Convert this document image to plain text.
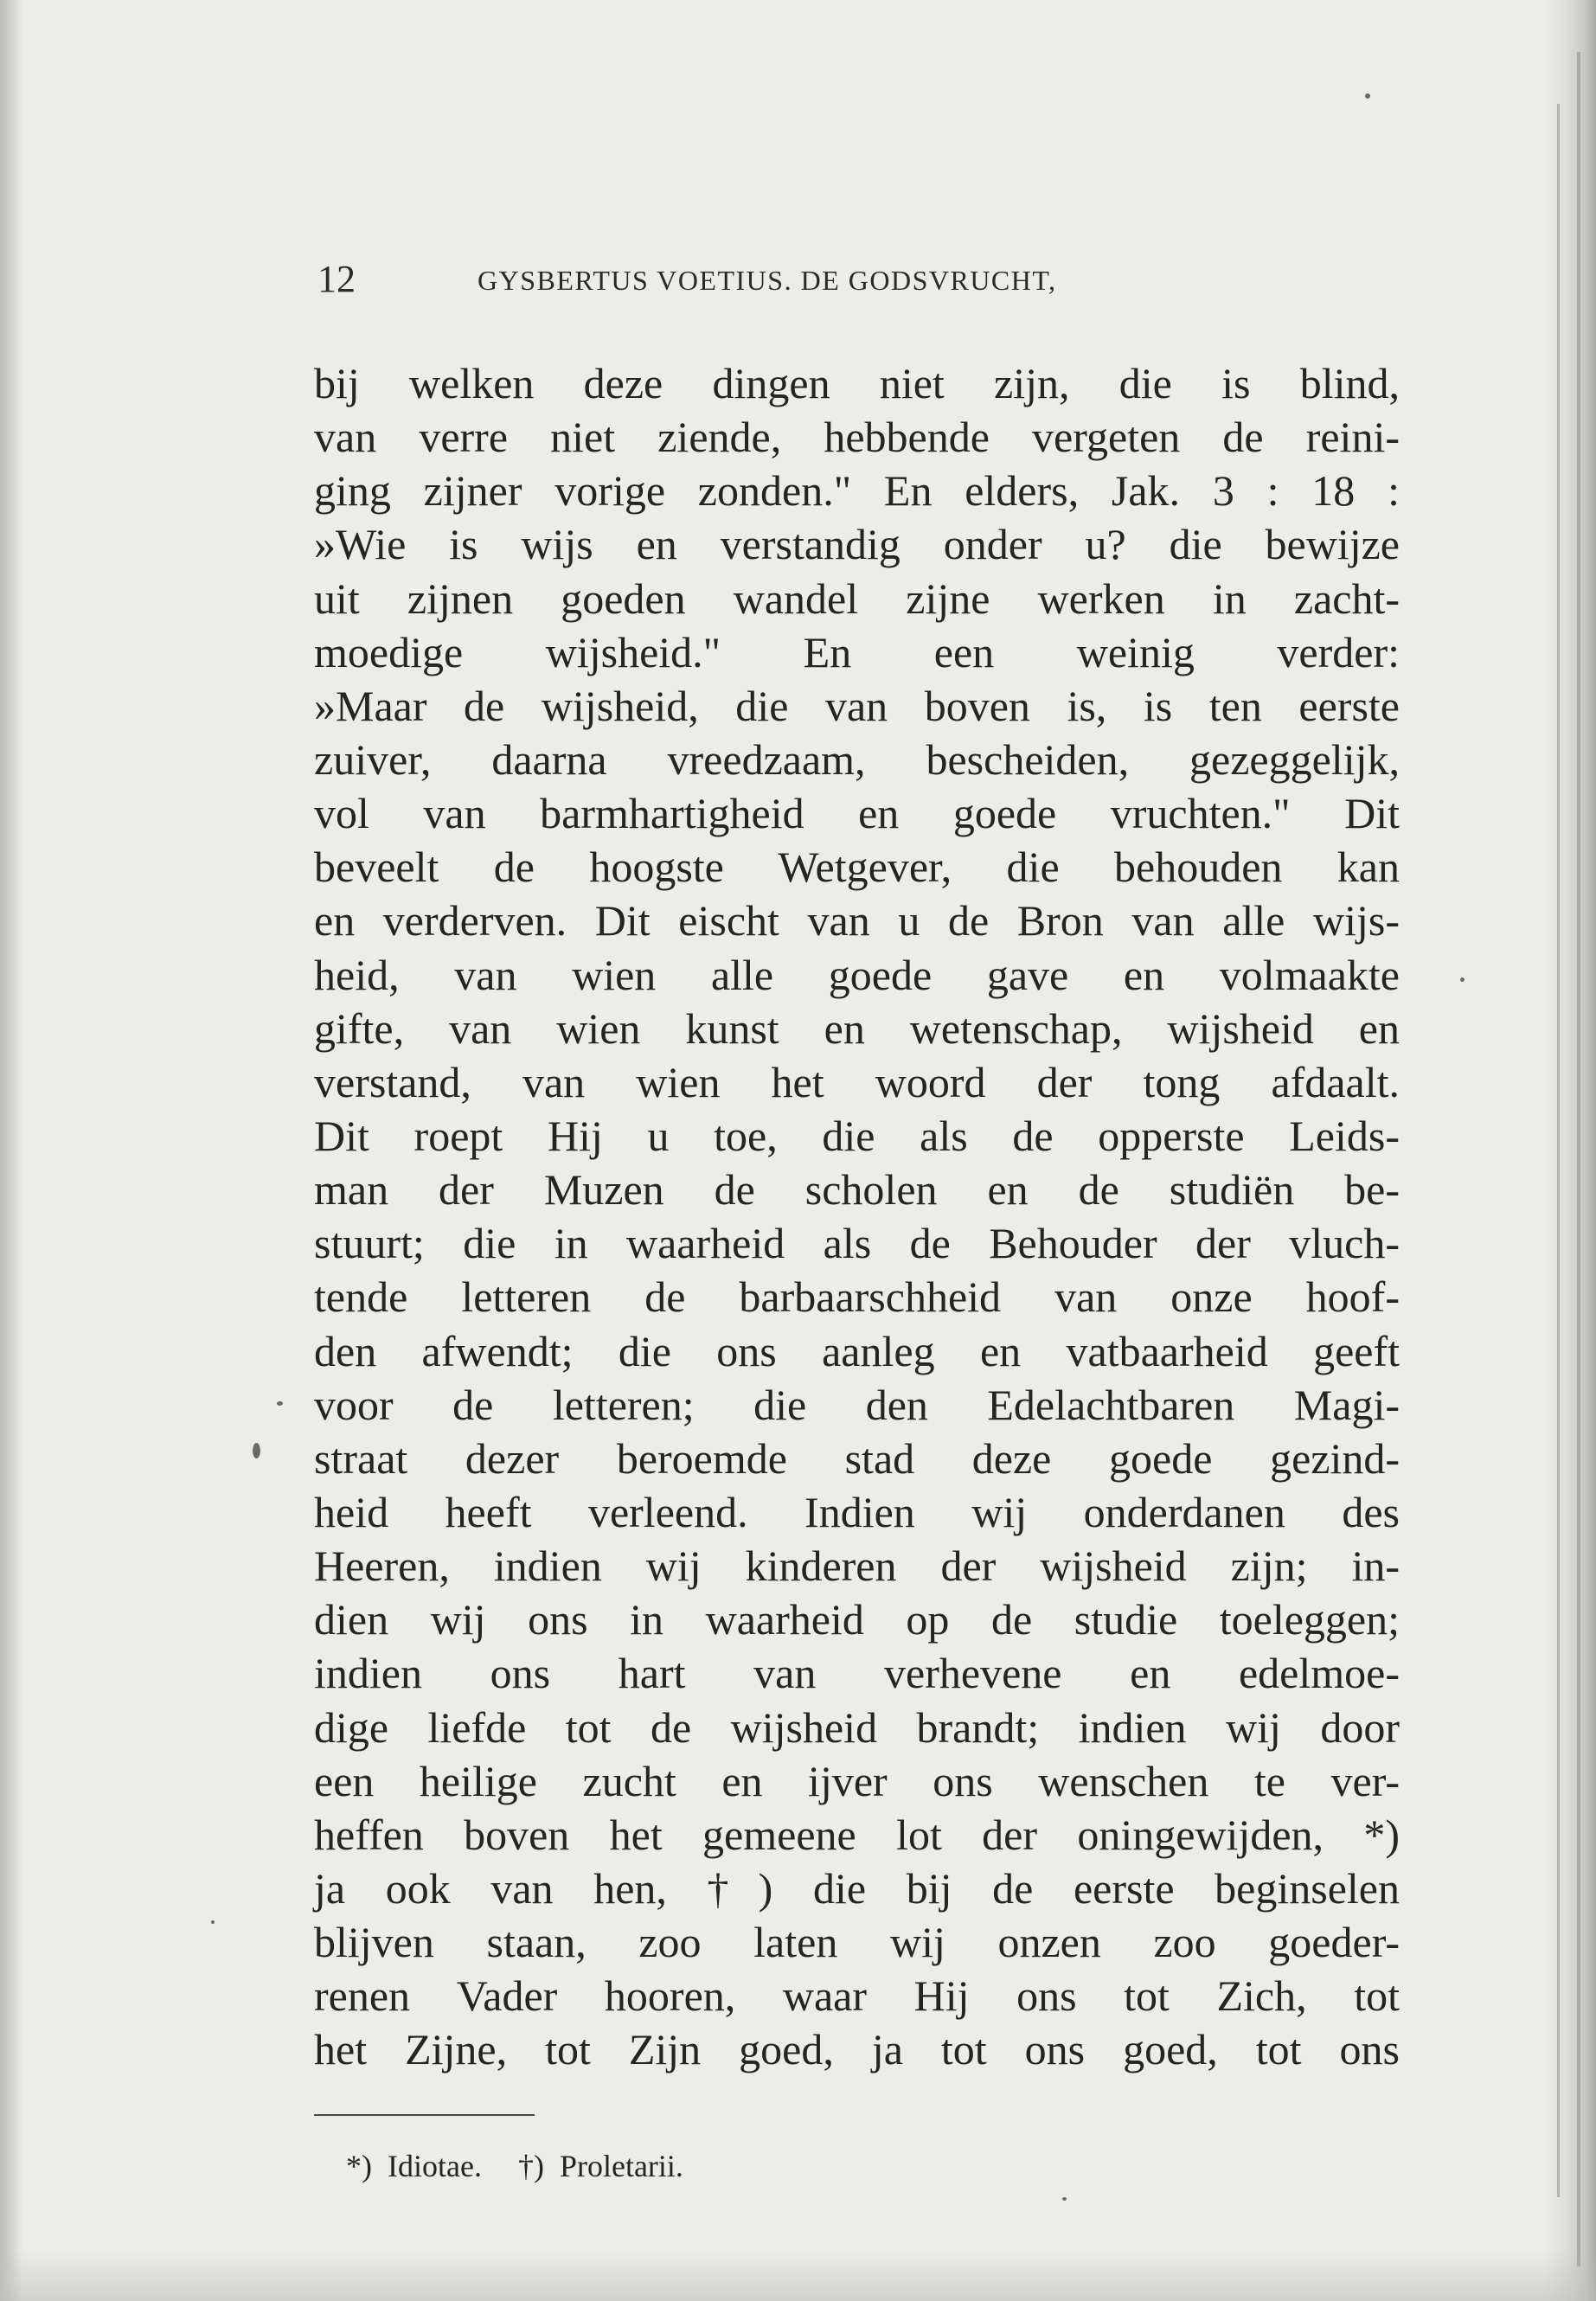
12	GYSBERTUS VOETIUS. DE GODSVRUCHT,
bij welken deze dingen niet zijn, die is blind,
van verre niet ziende, hebbende vergeten de reini-
ging zijner vorige zonden." En elders, Jak. 3 : 18 :
»Wie is wijs en verstandig onder u? die bewijze
uit zijnen goeden wandel zijne werken in zacht-
moedige wijsheid." En een weinig verder:
»Maar de wijsheid, die van boven is, is ten eerste
zuiver, daarna vreedzaam, bescheiden, gezeggelijk,
vol van barmhartigheid en goede vruchten." Dit
beveelt de hoogste Wetgever, die behouden kan
en verderven. Dit eischt van u de Bron van alle wijs-
heid, van wien alle goede gave en volmaakte
gifte, van wien kunst en wetenschap, wijsheid en
verstand, van wien het woord der tong afdaalt.
Dit roept Hij u toe, die als de opperste Leids-
man der Muzen de scholen en de studiën be-
stuurt; die in waarheid als de Behouder der vluch-
tende letteren de barbaarschheid van onze hoof-
den afwendt; die ons aanleg en vatbaarheid geeft
voor de letteren; die den Edelachtbaren Magi-
straat dezer beroemde stad deze goede gezind-
heid heeft verleend. Indien wij onderdanen des
Heeren, indien wij kinderen der wijsheid zijn; in-
dien wij ons in waarheid op de studie toeleggen;
indien ons hart van verhevene en edelmoe-
dige liefde tot de wijsheid brandt; indien wij door
een heilige zucht en ijver ons wenschen te ver-
heffen boven het gemeene lot der oningewijden, *)
ja ook van hen, †) die bij de eerste beginselen
blijven staan, zoo laten wij onzen zoo goeder-
renen Vader hooren, waar Hij ons tot Zich, tot
het Zijne, tot Zijn goed, ja tot ons goed, tot ons
*) Idiotae. †) Proletarii.
